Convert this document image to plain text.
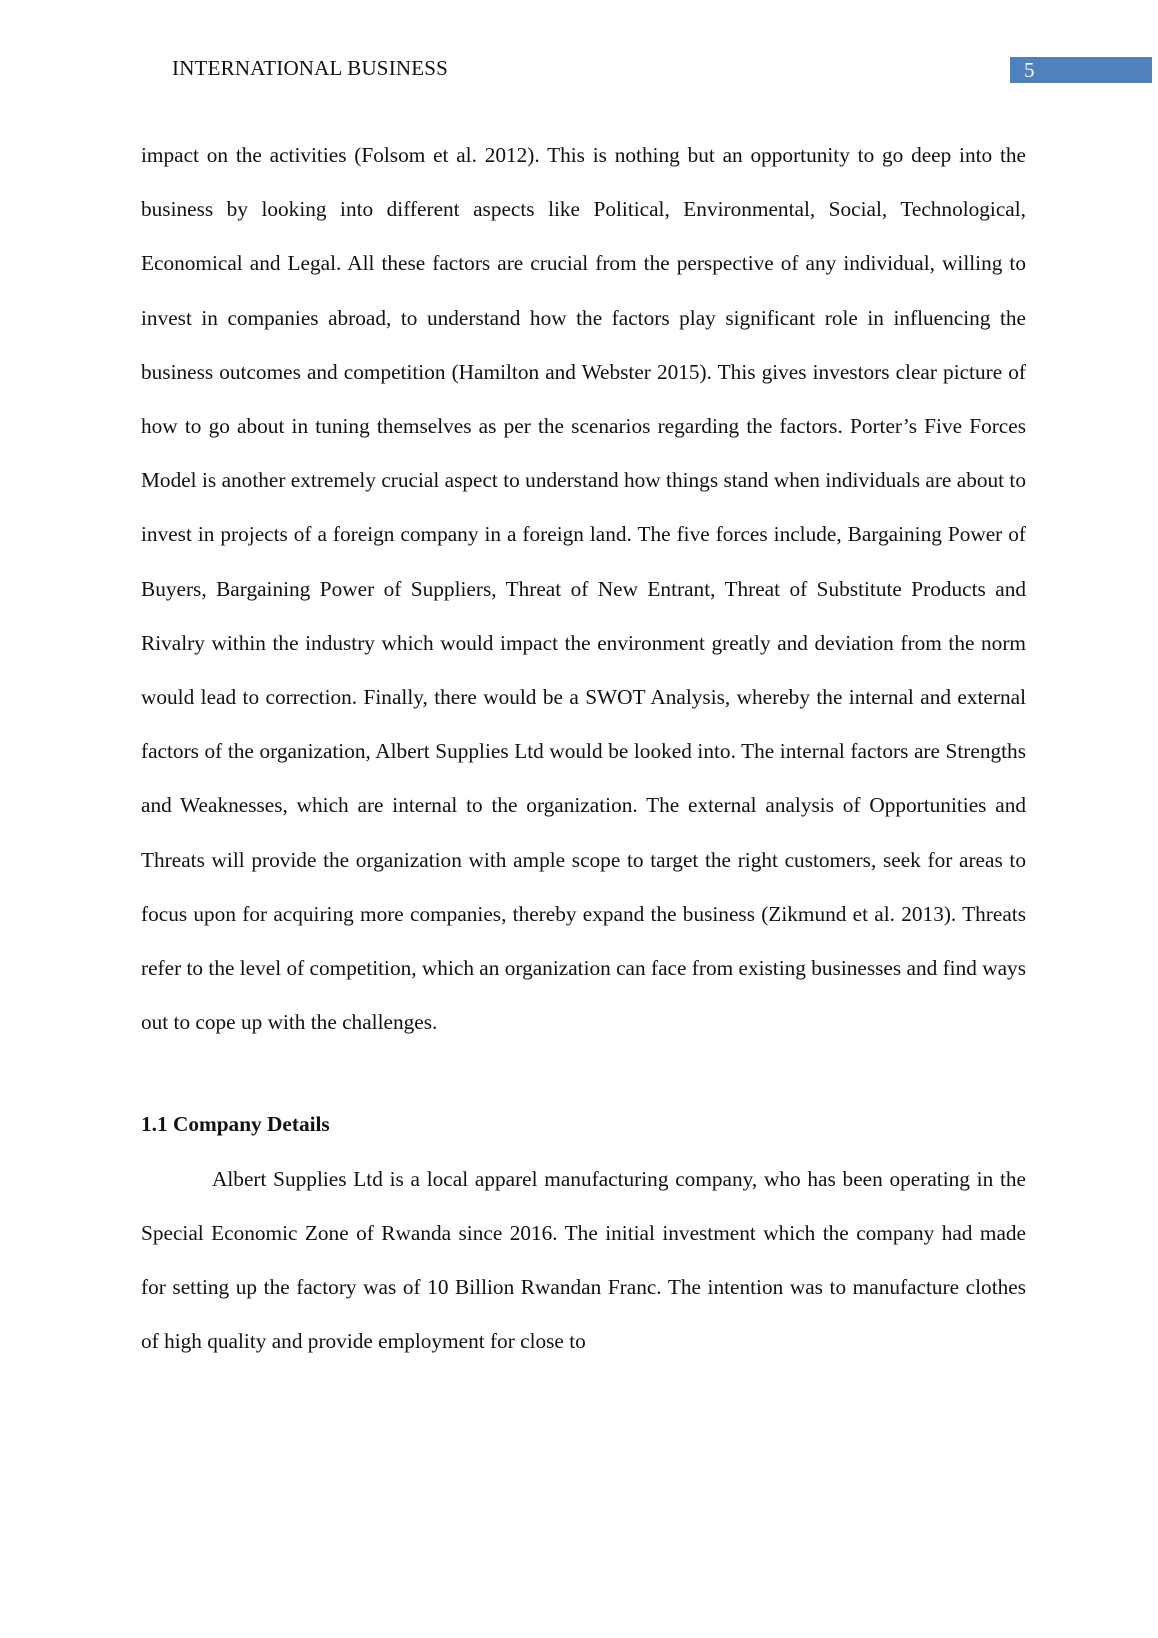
INTERNATIONAL BUSINESS	5

impact on the activities (Folsom et al. 2012). This is nothing but an opportunity to go deep into the business by looking into different aspects like Political, Environmental, Social, Technological, Economical and Legal. All these factors are crucial from the perspective of any individual, willing to invest in companies abroad, to understand how the factors play significant role in influencing the business outcomes and competition (Hamilton and Webster 2015). This gives investors clear picture of how to go about in tuning themselves as per the scenarios regarding the factors. Porter’s Five Forces Model is another extremely crucial aspect to understand how things stand when individuals are about to invest in projects of a foreign company in a foreign land. The five forces include, Bargaining Power of Buyers, Bargaining Power of Suppliers, Threat of New Entrant, Threat of Substitute Products and Rivalry within the industry which would impact the environment greatly and deviation from the norm would lead to correction. Finally, there would be a SWOT Analysis, whereby the internal and external factors of the organization, Albert Supplies Ltd would be looked into. The internal factors are Strengths and Weaknesses, which are internal to the organization. The external analysis of Opportunities and Threats will provide the organization with ample scope to target the right customers, seek for areas to focus upon for acquiring more companies, thereby expand the business (Zikmund et al. 2013). Threats refer to the level of competition, which an organization can face from existing businesses and find ways out to cope up with the challenges.

1.1 Company Details

Albert Supplies Ltd is a local apparel manufacturing company, who has been operating in the Special Economic Zone of Rwanda since 2016. The initial investment which the company had made for setting up the factory was of 10 Billion Rwandan Franc. The intention was to manufacture clothes of high quality and provide employment for close to
